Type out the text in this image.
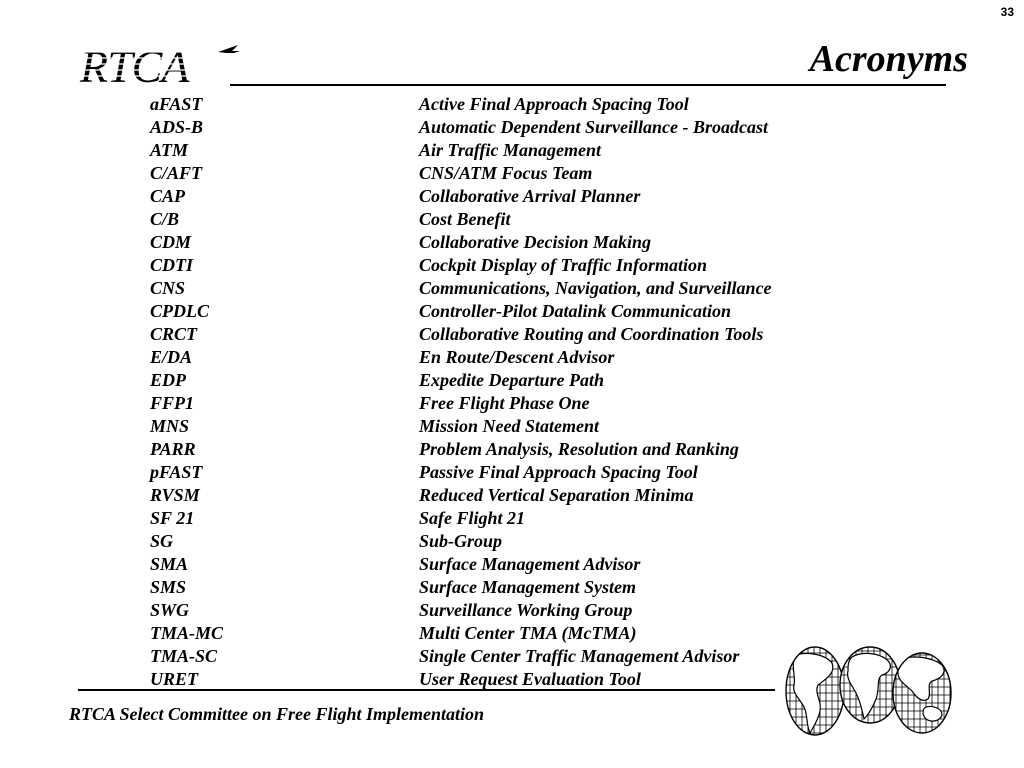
33
RTCA	Acronyms
aFAST	Active Final Approach Spacing Tool
ADS-B	Automatic Dependent Surveillance - Broadcast
ATM	Air Traffic Management
C/AFT	CNS/ATM Focus Team
CAP	Collaborative Arrival Planner
C/B	Cost Benefit
CDM	Collaborative Decision Making
CDTI	Cockpit Display of Traffic Information
CNS	Communications, Navigation, and Surveillance
CPDLC	Controller-Pilot Datalink Communication
CRCT	Collaborative Routing and Coordination Tools
E/DA	En Route/Descent Advisor
EDP	Expedite Departure Path
FFP1	Free Flight Phase One
MNS	Mission Need Statement
PARR	Problem Analysis, Resolution and Ranking
pFAST	Passive Final Approach Spacing Tool
RVSM	Reduced Vertical Separation Minima
SF 21	Safe Flight 21
SG	Sub-Group
SMA	Surface Management Advisor
SMS	Surface Management System
SWG	Surveillance Working Group
TMA-MC	Multi Center TMA (McTMA)
TMA-SC	Single Center Traffic Management Advisor
URET	User Request Evaluation Tool
RTCA Select Committee on Free Flight Implementation
